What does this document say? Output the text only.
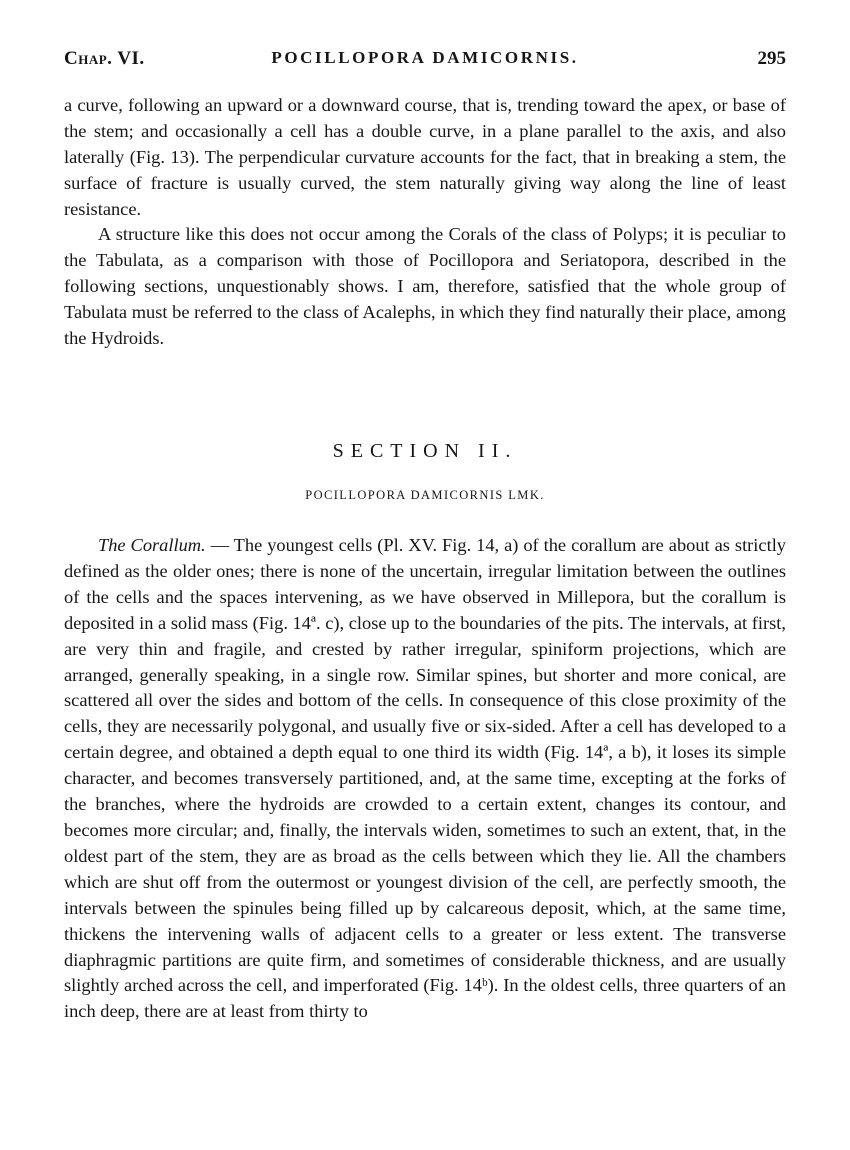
Chap. VI.	POCILLOPORA DAMICORNIS.	295

a curve, following an upward or a downward course, that is, trending toward the apex, or base of the stem; and occasionally a cell has a double curve, in a plane parallel to the axis, and also laterally (Fig. 13). The perpendicular curvature accounts for the fact, that in breaking a stem, the surface of fracture is usually curved, the stem naturally giving way along the line of least resistance.

A structure like this does not occur among the Corals of the class of Polyps; it is peculiar to the Tabulata, as a comparison with those of Pocillopora and Seriatopora, described in the following sections, unquestionably shows. I am, therefore, satisfied that the whole group of Tabulata must be referred to the class of Acalephs, in which they find naturally their place, among the Hydroids.

SECTION II.
POCILLOPORA DAMICORNIS LMK.

The Corallum. — The youngest cells (Pl. XV. Fig. 14, a) of the corallum are about as strictly defined as the older ones; there is none of the uncertain, irregular limitation between the outlines of the cells and the spaces intervening, as we have observed in Millepora, but the corallum is deposited in a solid mass (Fig. 14ª. c), close up to the boundaries of the pits. The intervals, at first, are very thin and fragile, and crested by rather irregular, spiniform projections, which are arranged, generally speaking, in a single row. Similar spines, but shorter and more conical, are scattered all over the sides and bottom of the cells. In consequence of this close proximity of the cells, they are necessarily polygonal, and usually five or six-sided. After a cell has developed to a certain degree, and obtained a depth equal to one third its width (Fig. 14ª, a b), it loses its simple character, and becomes transversely partitioned, and, at the same time, excepting at the forks of the branches, where the hydroids are crowded to a certain extent, changes its contour, and becomes more circular; and, finally, the intervals widen, sometimes to such an extent, that, in the oldest part of the stem, they are as broad as the cells between which they lie. All the chambers which are shut off from the outermost or youngest division of the cell, are perfectly smooth, the intervals between the spinules being filled up by calcareous deposit, which, at the same time, thickens the intervening walls of adjacent cells to a greater or less extent. The transverse diaphragmic partitions are quite firm, and sometimes of considerable thickness, and are usually slightly arched across the cell, and imperforated (Fig. 14ᵇ). In the oldest cells, three quarters of an inch deep, there are at least from thirty to
